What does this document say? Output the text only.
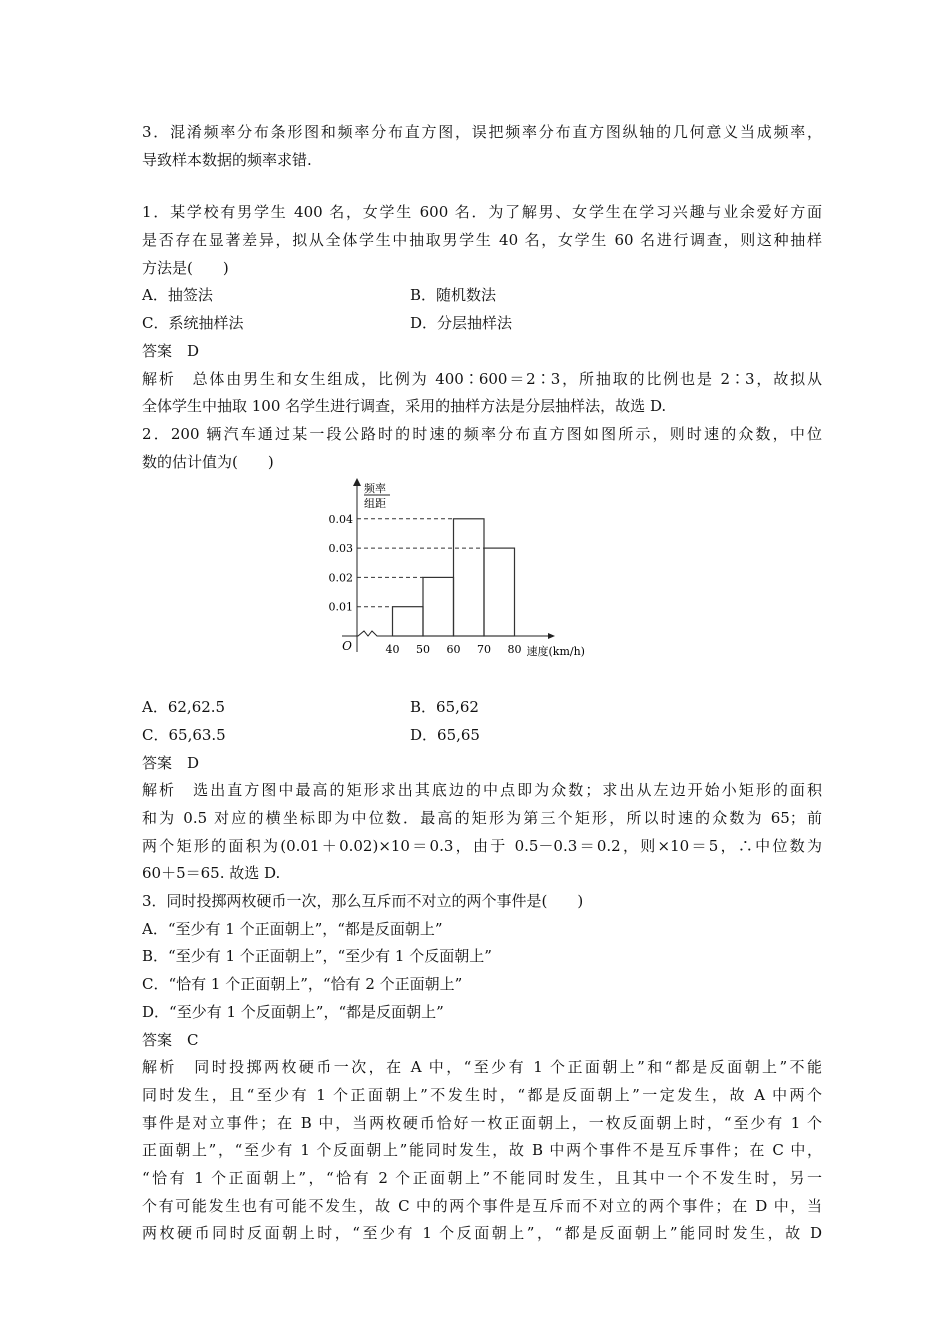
3．混淆频率分布条形图和频率分布直方图，误把频率分布直方图纵轴的几何意义当成频率，
导致样本数据的频率求错.
1．某学校有男学生 400 名，女学生 600 名．为了解男、女学生在学习兴趣与业余爱好方面
是否存在显著差异，拟从全体学生中抽取男学生 40 名，女学生 60 名进行调查，则这种抽样
方法是(　　)
A．抽签法	B．随机数法
C．系统抽样法	D．分层抽样法
答案　D
解析　总体由男生和女生组成，比例为 400∶600＝2∶3，所抽取的比例也是 2∶3，故拟从
全体学生中抽取 100 名学生进行调查，采用的抽样方法是分层抽样法，故选 D.
2．200 辆汽车通过某一段公路时的时速的频率分布直方图如图所示，则时速的众数，中位
数的估计值为(　　)
0.01
0.02
0.03
0.04
40 50 60 70 80
O	速度(km/h)
频率
组距
A．62,62.5	B．65,62
C．65,63.5	D．65,65
答案　D
解析　选出直方图中最高的矩形求出其底边的中点即为众数；求出从左边开始小矩形的面积
和为 0.5 对应的横坐标即为中位数．最高的矩形为第三个矩形，所以时速的众数为 65；前
两个矩形的面积为(0.01＋0.02)×10＝0.3，由于 0.5－0.3＝0.2，则×10＝5，∴中位数为
60＋5＝65. 故选 D.
3．同时投掷两枚硬币一次，那么互斥而不对立的两个事件是(　　)
A．“至少有 1 个正面朝上”，“都是反面朝上”
B．“至少有 1 个正面朝上”，“至少有 1 个反面朝上”
C．“恰有 1 个正面朝上”，“恰有 2 个正面朝上”
D．“至少有 1 个反面朝上”，“都是反面朝上”
答案　C
解析　同时投掷两枚硬币一次，在 A 中，“至少有 1 个正面朝上”和“都是反面朝上”不能
同时发生，且“至少有 1 个正面朝上”不发生时，“都是反面朝上”一定发生，故 A 中两个
事件是对立事件；在 B 中，当两枚硬币恰好一枚正面朝上，一枚反面朝上时，“至少有 1 个
正面朝上”，“至少有 1 个反面朝上”能同时发生，故 B 中两个事件不是互斥事件；在 C 中，
“恰有 1 个正面朝上”，“恰有 2 个正面朝上”不能同时发生，且其中一个不发生时，另一
个有可能发生也有可能不发生，故 C 中的两个事件是互斥而不对立的两个事件；在 D 中，当
两枚硬币同时反面朝上时，“至少有 1 个反面朝上”，“都是反面朝上”能同时发生，故 D
